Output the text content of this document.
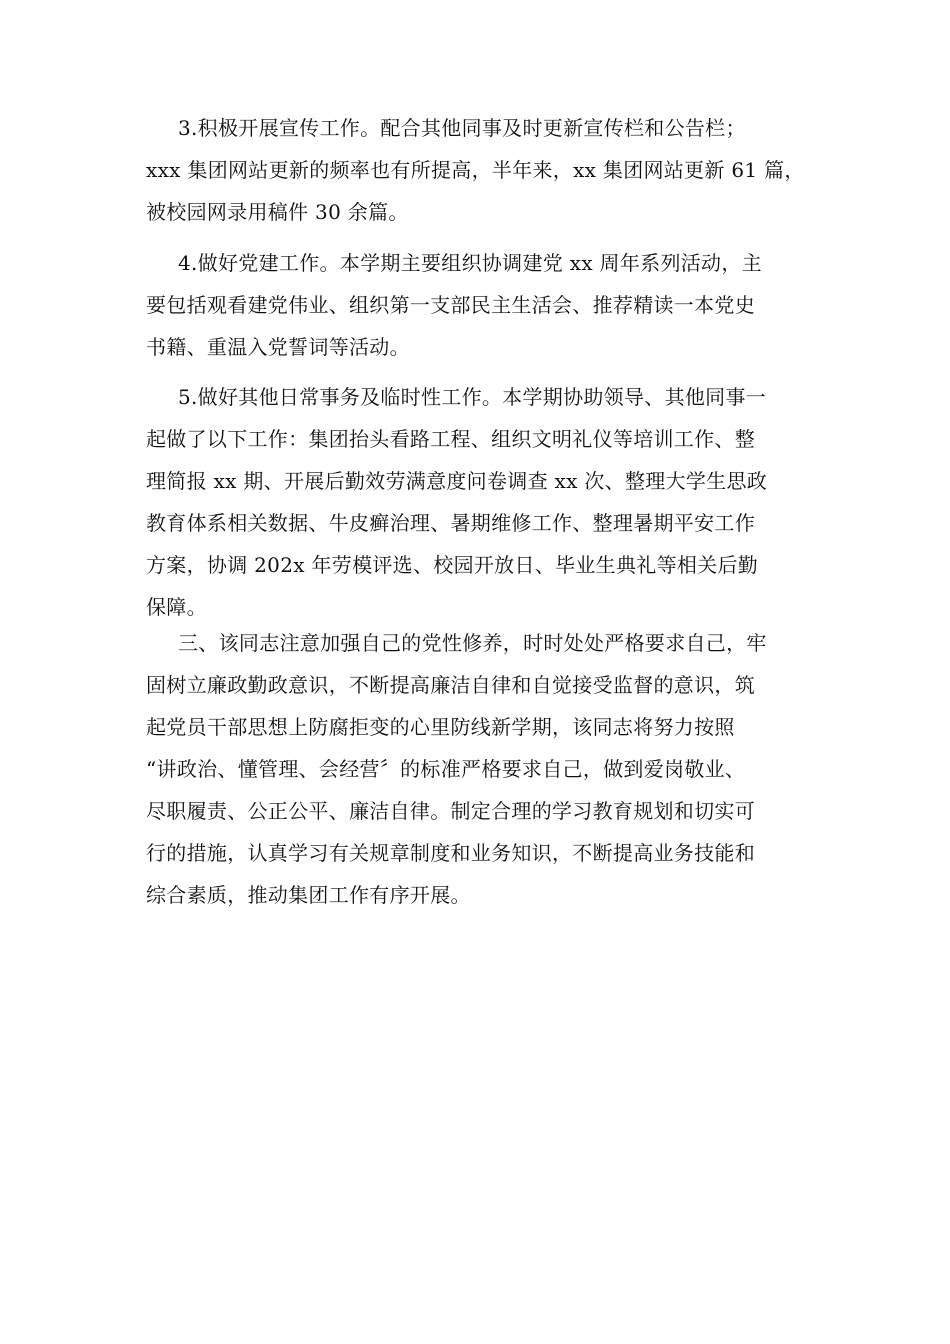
3.积极开展宣传工作。配合其他同事及时更新宣传栏和公告栏；
xxx 集团网站更新的频率也有所提高，半年来，xx 集团网站更新 61 篇，
被校园网录用稿件 30 余篇。
4.做好党建工作。本学期主要组织协调建党 xx 周年系列活动，主
要包括观看建党伟业、组织第一支部民主生活会、推荐精读一本党史
书籍、重温入党誓词等活动。
5.做好其他日常事务及临时性工作。本学期协助领导、其他同事一
起做了以下工作：集团抬头看路工程、组织文明礼仪等培训工作、整
理简报 xx 期、开展后勤效劳满意度问卷调查 xx 次、整理大学生思政
教育体系相关数据、牛皮癣治理、暑期维修工作、整理暑期平安工作
方案，协调 202x 年劳模评选、校园开放日、毕业生典礼等相关后勤
保障。
三、该同志注意加强自己的党性修养，时时处处严格要求自己，牢
固树立廉政勤政意识，不断提高廉洁自律和自觉接受监督的意识，筑
起党员干部思想上防腐拒变的心里防线新学期，该同志将努力按照
“讲政治、懂管理、会经营〞的标准严格要求自己，做到爱岗敬业、
尽职履责、公正公平、廉洁自律。制定合理的学习教育规划和切实可
行的措施，认真学习有关规章制度和业务知识，不断提高业务技能和
综合素质，推动集团工作有序开展。
